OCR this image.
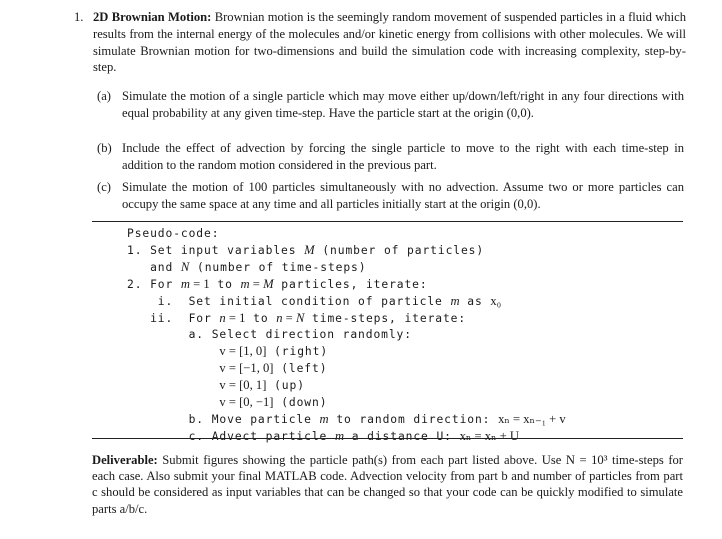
1. 2D Brownian Motion: Brownian motion is the seemingly random movement of suspended particles in a fluid which results from the internal energy of the molecules and/or kinetic energy from collisions with other molecules. We will simulate Brownian motion for two-dimensions and build the simulation code with increasing complexity, step-by-step.
(a) Simulate the motion of a single particle which may move either up/down/left/right in any four directions with equal probability at any given time-step. Have the particle start at the origin (0,0).
(b) Include the effect of advection by forcing the single particle to move to the right with each time-step in addition to the random motion considered in the previous part.
(c) Simulate the motion of 100 particles simultaneously with no advection. Assume two or more particles can occupy the same space at any time and all particles initially start at the origin (0,0).
Pseudo-code:
1. Set input variables M (number of particles)
and N (number of time-steps)
2. For m = 1 to m = M particles, iterate:
i.  Set initial condition of particle m as x₀
ii.  For n = 1 to n = N time-steps, iterate:
a. Select direction randomly:
v = [1, 0] (right)
v = [−1, 0] (left)
v = [0, 1] (up)
v = [0, −1] (down)
b. Move particle m to random direction: xₙ = xₙ₋₁ + v
c. Advect particle m a distance U: xₙ = xₙ + U
Deliverable: Submit figures showing the particle path(s) from each part listed above. Use N = 10³ time-steps for each case. Also submit your final MATLAB code. Advection velocity from part b and number of particles from part c should be considered as input variables that can be changed so that your code can be quickly modified to simulate parts a/b/c.
